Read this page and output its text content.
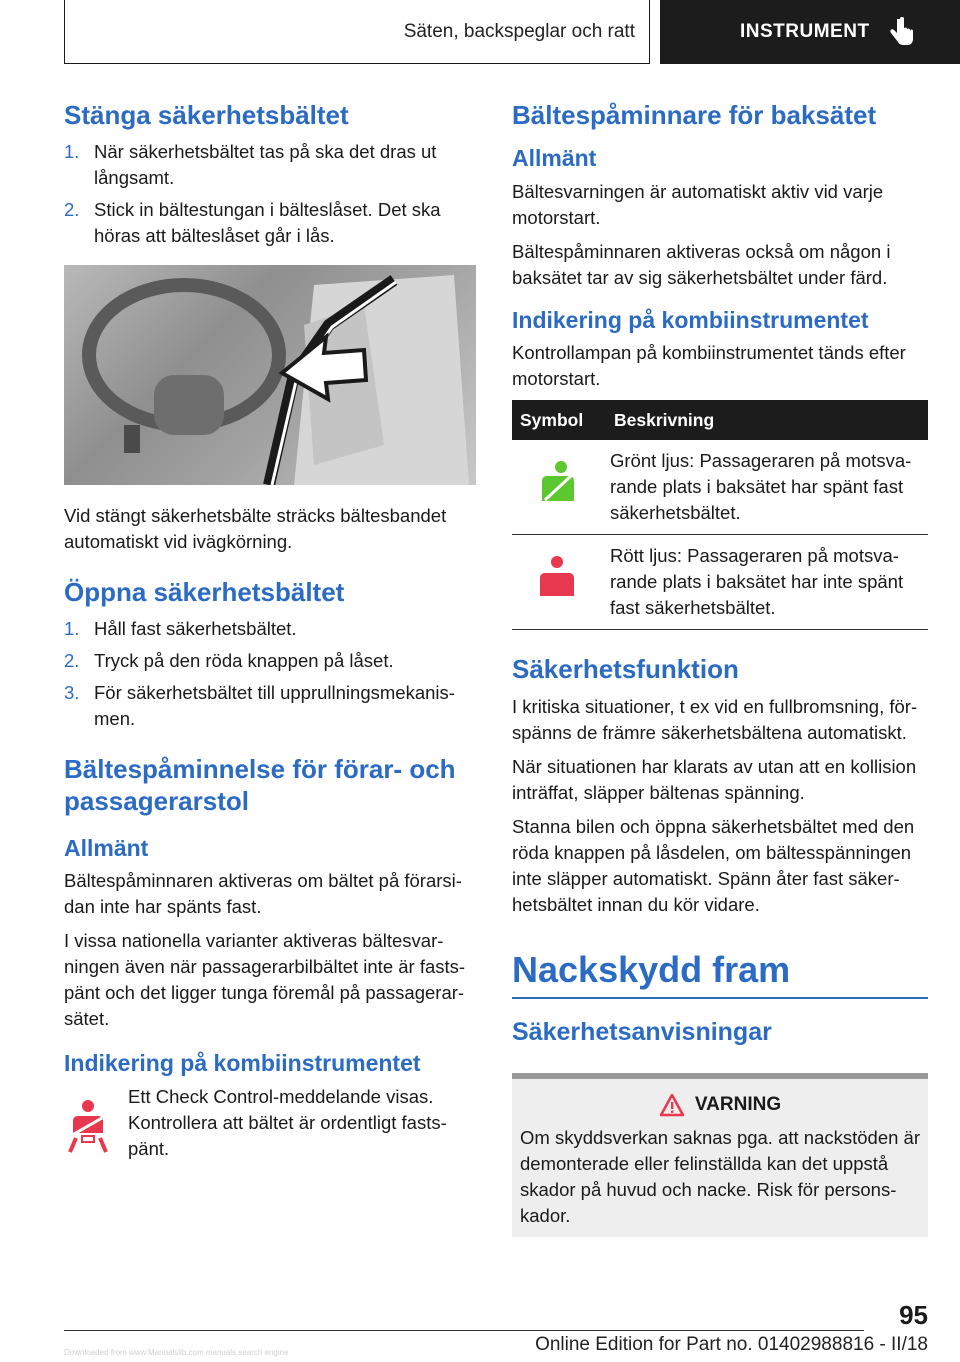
Säten, backspeglar och ratt	INSTRUMENT
Stänga säkerhetsbältet
1. När säkerhetsbältet tas på ska det dras ut långsamt.
2. Stick in bältestungan i bälteslåset. Det ska höras att bälteslåset går i lås.

Vid stängt säkerhetsbälte sträcks bältesbandet automatiskt vid ivägkörning.

Öppna säkerhetsbältet
1. Håll fast säkerhetsbältet.
2. Tryck på den röda knappen på låset.
3. För säkerhetsbältet till upprullningsmekanismen.
Bältespåminnelse för förar- och passagerarstol
Allmänt

Bältespåminnaren aktiveras om bältet på förarsidan inte har spänts fast.

I vissa nationella varianter aktiveras bältesvarningen även när passagerarbilbältet inte är fastspänt och det ligger tunga föremål på passagerarsätet.

Indikering på kombiinstrumentet
Ett Check Control-meddelande visas. Kontrollera att bältet är ordentligt fastspänt.
Bältespåminnare för baksätet
Allmänt

Bältesvarningen är automatiskt aktiv vid varje motorstart.

Bältespåminnaren aktiveras också om någon i baksätet tar av sig säkerhetsbältet under färd.

Indikering på kombiinstrumentet

Kontrollampan på kombiinstrumentet tänds efter motorstart.

Symbol	Beskrivning
	Grönt ljus: Passageraren på motsvarande plats i baksätet har spänt fast säkerhetsbältet.
	Rött ljus: Passageraren på motsvarande plats i baksätet har inte spänt fast säkerhetsbältet.
Säkerhetsfunktion

I kritiska situationer, t ex vid en fullbromsning, förspänns de främre säkerhetsbältena automatiskt.

När situationen har klarats av utan att en kollision inträffat, släpper bältenas spänning.

Stanna bilen och öppna säkerhetsbältet med den röda knappen på låsdelen, om bältesspänningen inte släpper automatiskt. Spänn åter fast säkerhetsbältet innan du kör vidare.

Nackskydd fram
Säkerhetsanvisningar
VARNING

Om skyddsverkan saknas pga. att nackstöden är demonterade eller felinställda kan det uppstå skador på huvud och nacke. Risk för personskador.

95
Online Edition for Part no. 01402988816 - II/18
Downloaded from www.Manualslib.com manuals search engine
